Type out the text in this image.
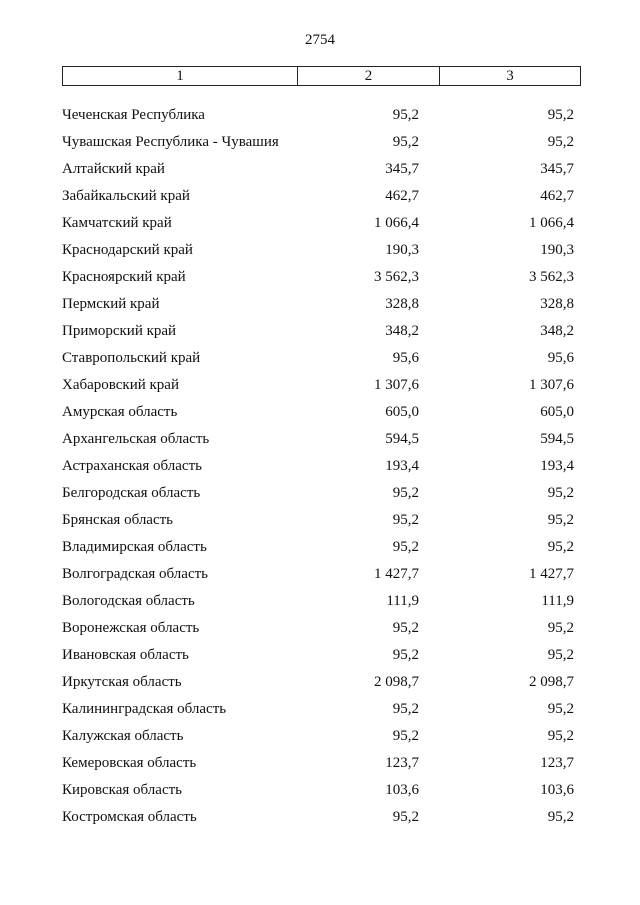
2754
1	2	3
Чеченская Республика	95,2	95,2
Чувашская Республика - Чувашия	95,2	95,2
Алтайский край	345,7	345,7
Забайкальский край	462,7	462,7
Камчатский край	1 066,4	1 066,4
Краснодарский край	190,3	190,3
Красноярский край	3 562,3	3 562,3
Пермский край	328,8	328,8
Приморский край	348,2	348,2
Ставропольский край	95,6	95,6
Хабаровский край	1 307,6	1 307,6
Амурская область	605,0	605,0
Архангельская область	594,5	594,5
Астраханская область	193,4	193,4
Белгородская область	95,2	95,2
Брянская область	95,2	95,2
Владимирская область	95,2	95,2
Волгоградская область	1 427,7	1 427,7
Вологодская область	111,9	111,9
Воронежская область	95,2	95,2
Ивановская область	95,2	95,2
Иркутская область	2 098,7	2 098,7
Калининградская область	95,2	95,2
Калужская область	95,2	95,2
Кемеровская область	123,7	123,7
Кировская область	103,6	103,6
Костромская область	95,2	95,2
